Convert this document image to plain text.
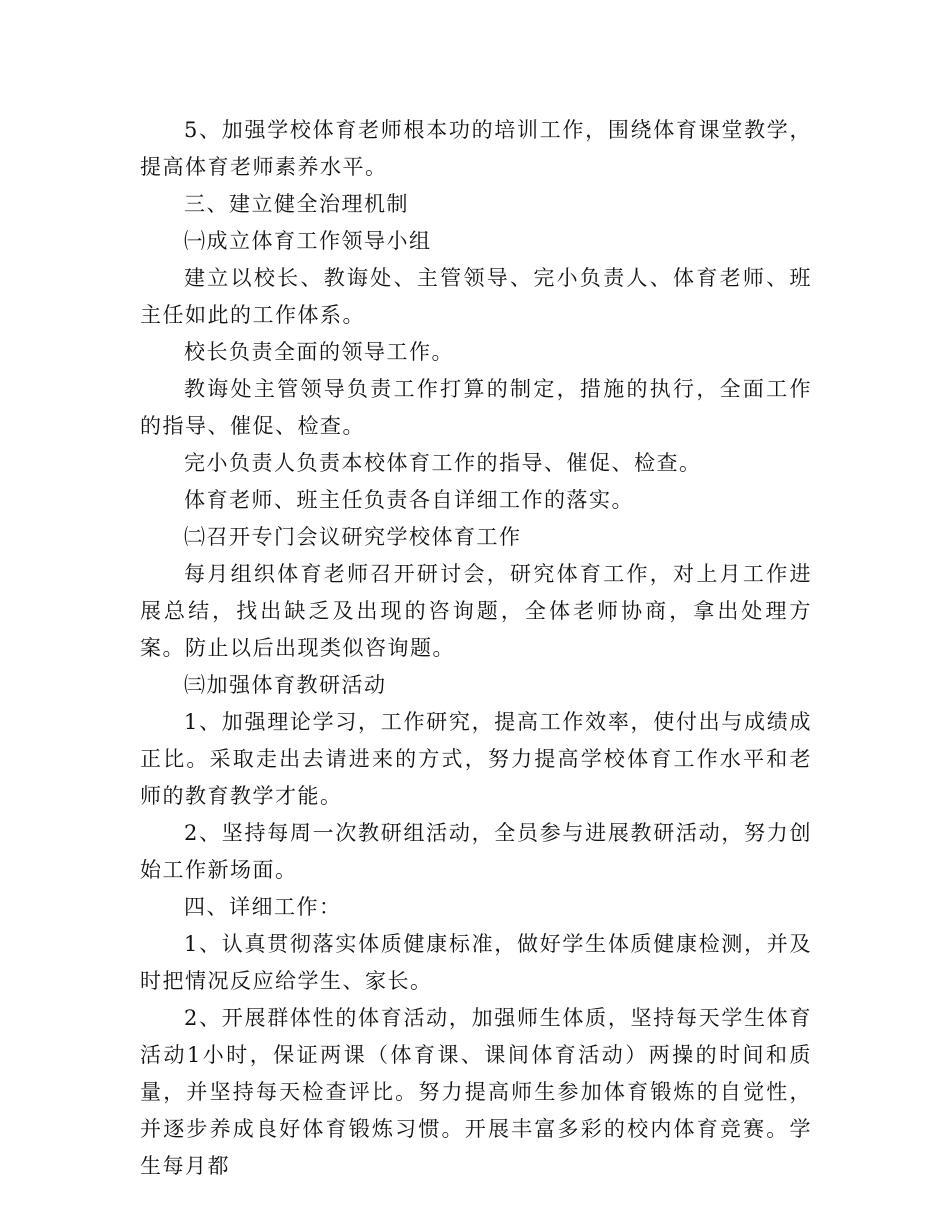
5、加强学校体育老师根本功的培训工作，围绕体育课堂教学，提高体育老师素养水平。

三、建立健全治理机制

㈠成立体育工作领导小组

建立以校长、教诲处、主管领导、完小负责人、体育老师、班主任如此的工作体系。

校长负责全面的领导工作。

教诲处主管领导负责工作打算的制定，措施的执行，全面工作的指导、催促、检查。

完小负责人负责本校体育工作的指导、催促、检查。

体育老师、班主任负责各自详细工作的落实。

㈡召开专门会议研究学校体育工作

每月组织体育老师召开研讨会，研究体育工作，对上月工作进展总结，找出缺乏及出现的咨询题，全体老师协商，拿出处理方案。防止以后出现类似咨询题。

㈢加强体育教研活动

1、加强理论学习，工作研究，提高工作效率，使付出与成绩成正比。采取走出去请进来的方式，努力提高学校体育工作水平和老师的教育教学才能。

2、坚持每周一次教研组活动，全员参与进展教研活动，努力创始工作新场面。

四、详细工作：

1、认真贯彻落实体质健康标准，做好学生体质健康检测，并及时把情况反应给学生、家长。

2、开展群体性的体育活动，加强师生体质，坚持每天学生体育活动1小时，保证两课（体育课、课间体育活动）两操的时间和质量，并坚持每天检查评比。努力提高师生参加体育锻炼的自觉性，并逐步养成良好体育锻炼习惯。开展丰富多彩的校内体育竞赛。学生每月都
